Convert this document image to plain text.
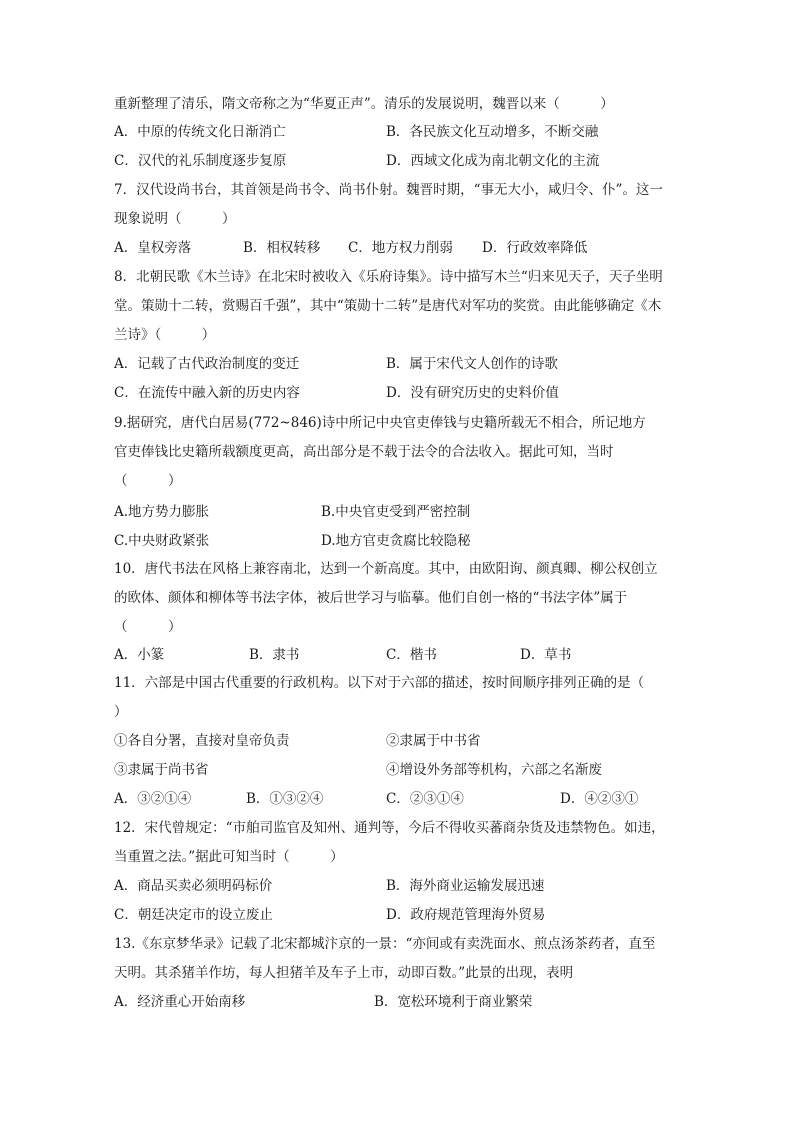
重新整理了清乐，隋文帝称之为“华夏正声”。清乐的发展说明，魏晋以来（　　　）
A．中原的传统文化日渐消亡	B．各民族文化互动增多，不断交融
C．汉代的礼乐制度逐步复原	D．西域文化成为南北朝文化的主流
7．汉代设尚书台，其首领是尚书令、尚书仆射。魏晋时期，“事无大小，咸归令、仆”。这一
现象说明（　　　）
A．皇权旁落	B．相权转移 C．地方权力削弱 D．行政效率降低
8．北朝民歌《木兰诗》在北宋时被收入《乐府诗集》。诗中描写木兰“归来见天子，天子坐明
堂。策勋十二转，赏赐百千强”，其中“策勋十二转”是唐代对军功的奖赏。由此能够确定《木
兰诗》（　　　）
A．记载了古代政治制度的变迁	B．属于宋代文人创作的诗歌
C．在流传中融入新的历史内容	D．没有研究历史的史料价值
9.据研究，唐代白居易(772~846)诗中所记中央官吏俸钱与史籍所载无不相合，所记地方
官吏俸钱比史籍所载额度更高，高出部分是不载于法令的合法收入。据此可知，当时
（　　　）
A.地方势力膨胀	B.中央官吏受到严密控制
C.中央财政紧张	D.地方官吏贪腐比较隐秘
10．唐代书法在风格上兼容南北，达到一个新高度。其中，由欧阳询、颜真卿、柳公权创立
的欧体、颜体和柳体等书法字体，被后世学习与临摹。他们自创一格的“书法字体”属于
（　　　）
A．小篆	B．隶书	C．楷书	D．草书
11．六部是中国古代重要的行政机构。以下对于六部的描述，按时间顺序排列正确的是（
）
①各自分署，直接对皇帝负责	②隶属于中书省
③隶属于尚书省	④增设外务部等机构，六部之名渐废
A．③②①④	B．①③②④	C．②③①④	D．④②③①
12．宋代曾规定：“市舶司监官及知州、通判等，今后不得收买蕃商杂货及违禁物色。如违，
当重置之法。”据此可知当时（　　　）
A．商品买卖必须明码标价	B．海外商业运输发展迅速
C．朝廷决定市的设立废止	D．政府规范管理海外贸易
13.《东京梦华录》记载了北宋都城汴京的一景：“亦间或有卖洗面水、煎点汤茶药者，直至
天明。其杀猪羊作坊，每人担猪羊及车子上市，动即百数。”此景的出现，表明
A．经济重心开始南移	B．宽松环境利于商业繁荣
